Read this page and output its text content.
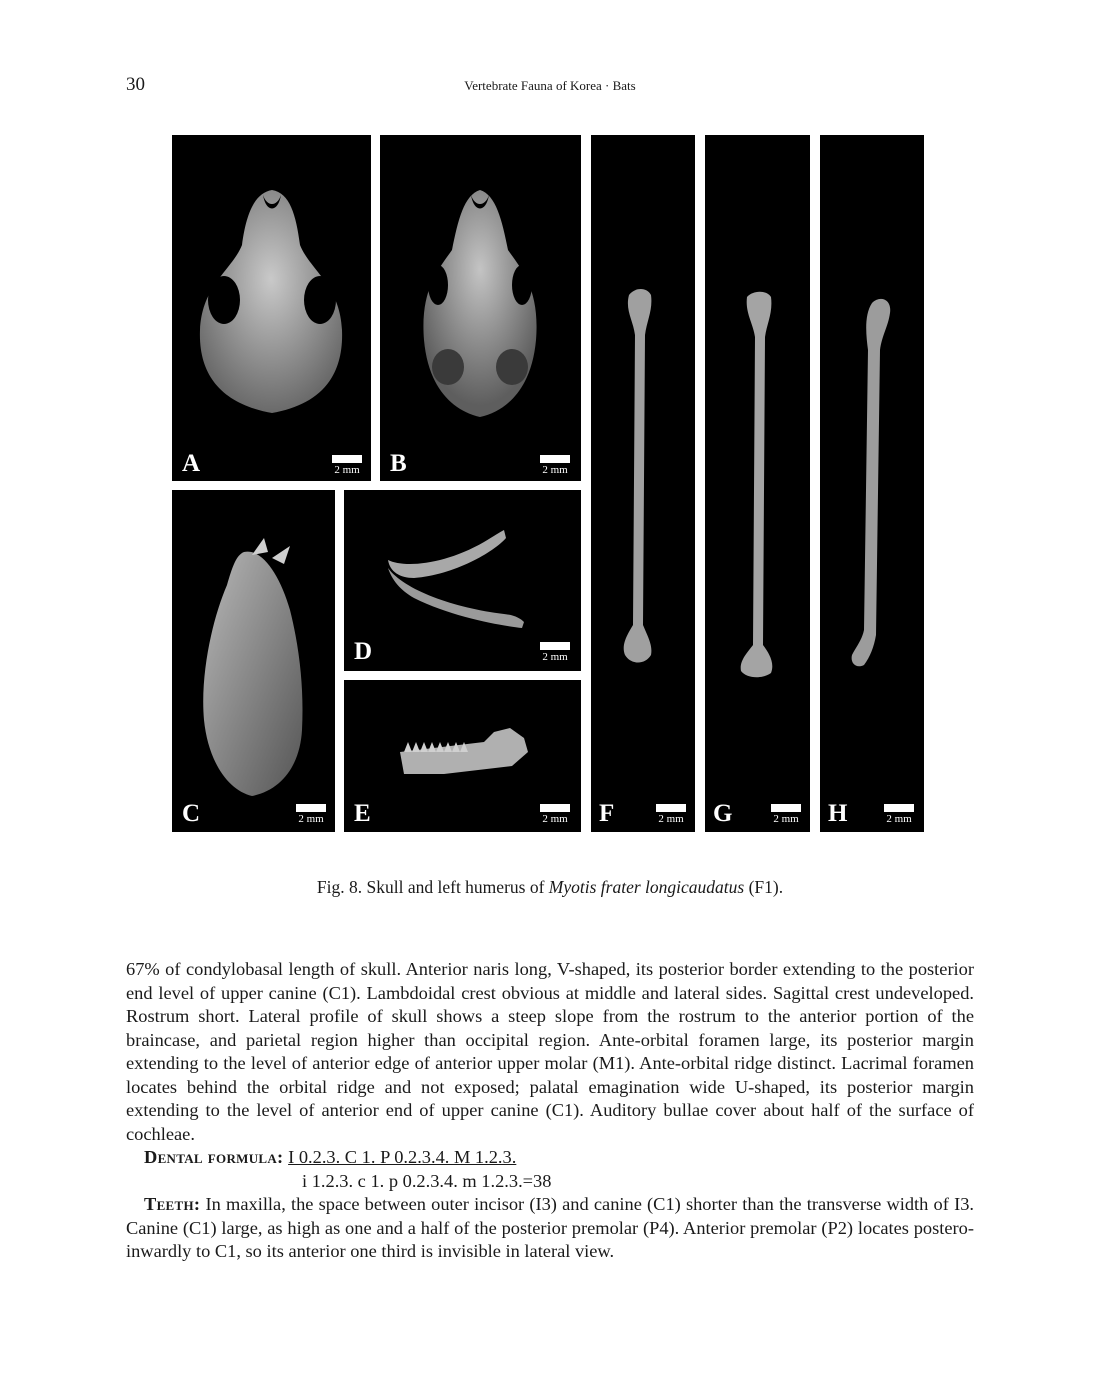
30	Vertebrate Fauna of Korea · Bats
A	2 mm	B	2 mm
C	2 mm
D	2 mm
E	2 mm	F	2 mm	G	2 mm	H	2 mm
Fig. 8. Skull and left humerus of Myotis frater longicaudatus (F1).

67% of condylobasal length of skull. Anterior naris long, V-shaped, its posterior border extending to the posterior end level of upper canine (C1). Lambdoidal crest obvious at middle and lateral sides. Sagittal crest undeveloped. Rostrum short. Lateral profile of skull shows a steep slope from the rostrum to the anterior portion of the braincase, and parietal region higher than occipital region. Ante-orbital foramen large, its posterior margin extending to the level of anterior edge of anterior upper molar (M1). Ante-orbital ridge distinct. Lacrimal foramen locates behind the orbital ridge and not exposed; palatal emagination wide U-shaped, its posterior margin extending to the level of anterior end of upper canine (C1). Auditory bullae cover about half of the surface of cochleae.

Dental formula: I 0.2.3. C 1. P 0.2.3.4. M 1.2.3.
i 1.2.3. c 1. p 0.2.3.4. m 1.2.3.=38

Teeth: In maxilla, the space between outer incisor (I3) and canine (C1) shorter than the transverse width of I3. Canine (C1) large, as high as one and a half of the posterior premolar (P4). Anterior premolar (P2) locates postero-inwardly to C1, so its anterior one third is invisible in lateral view.
